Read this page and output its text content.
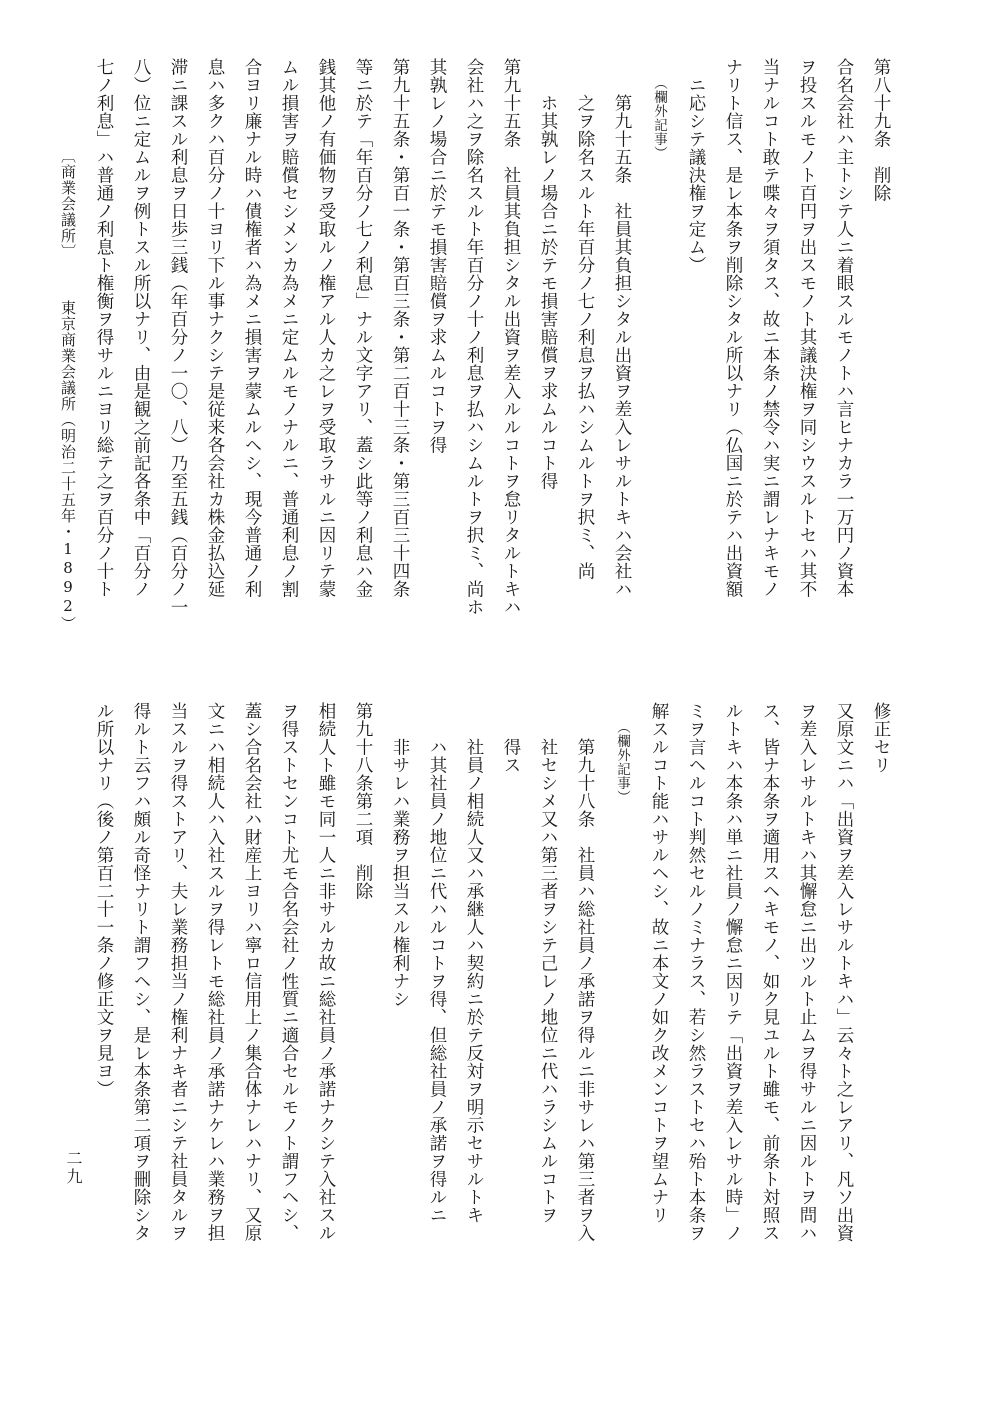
第八十九条　削除
合名会社ハ主トシテ人ニ着眼スルモノトハ言ヒナカラ一万円ノ資本
ヲ投スルモノト百円ヲ出スモノト其議決権ヲ同シウスルトセハ其不
当ナルコト敢テ喋々ヲ須タス、故ニ本条ノ禁令ハ実ニ謂レナキモノ
ナリト信ス、是レ本条ヲ削除シタル所以ナリ（仏国ニ於テハ出資額
ニ応シテ議決権ヲ定ム）
（欄外記事）
第九十五条　社員其負担シタル出資ヲ差入レサルトキハ会社ハ
之ヲ除名スルト年百分ノ七ノ利息ヲ払ハシムルトヲ択ミ、尚
ホ其孰レノ場合ニ於テモ損害賠償ヲ求ムルコト得
第九十五条　社員其負担シタル出資ヲ差入ルルコトヲ怠リタルトキハ
会社ハ之ヲ除名スルト年百分ノ十ノ利息ヲ払ハシムルトヲ択ミ、尚ホ
其孰レノ場合ニ於テモ損害賠償ヲ求ムルコトヲ得
第九十五条・第百一条・第百三条・第二百十三条・第三百三十四条
等ニ於テ「年百分ノ七ノ利息」ナル文字アリ、蓋シ此等ノ利息ハ金
銭其他ノ有価物ヲ受取ルノ権アル人カ之レヲ受取ラサルニ因リテ蒙
ムル損害ヲ賠償セシメンカ為メニ定ムルモノナルニ、普通利息ノ割
合ヨリ廉ナル時ハ債権者ハ為メニ損害ヲ蒙ムルヘシ、現今普通ノ利
息ハ多クハ百分ノ十ヨリ下ル事ナクシテ是従来各会社カ株金払込延
滞ニ課スル利息ヲ日歩三銭（年百分ノ一〇、八）乃至五銭（百分ノ一
八）位ニ定ムルヲ例トスル所以ナリ、由是観之前記各条中「百分ノ
七ノ利息」ハ普通ノ利息ト権衡ヲ得サルニヨリ総テ之ヲ百分ノ十ト
修正セリ
又原文ニハ「出資ヲ差入レサルトキハ」云々ト之レアリ、凡ソ出資
ヲ差入レサルトキハ其懈怠ニ出ツルト止ムヲ得サルニ因ルトヲ問ハ
ス、皆ナ本条ヲ適用スヘキモノ、如ク見ユルト雖モ、前条ト対照ス
ルトキハ本条ハ単ニ社員ノ懈怠ニ因リテ「出資ヲ差入レサル時」ノ
ミヲ言ヘルコト判然セルノミナラス、若シ然ラストセハ殆ト本条ヲ
解スルコト能ハサルヘシ、故ニ本文ノ如ク改メンコトヲ望ムナリ
（欄外記事）
第九十八条　社員ハ総社員ノ承諾ヲ得ルニ非サレハ第三者ヲ入
社セシメ又ハ第三者ヲシテ己レノ地位ニ代ハラシムルコトヲ
得ス
社員ノ相続人又ハ承継人ハ契約ニ於テ反対ヲ明示セサルトキ
ハ其社員ノ地位ニ代ハルコトヲ得、但総社員ノ承諾ヲ得ルニ
非サレハ業務ヲ担当スル権利ナシ
第九十八条第二項　削除
相続人ト雖モ同一人ニ非サルカ故ニ総社員ノ承諾ナクシテ入社スル
ヲ得ストセンコト尤モ合名会社ノ性質ニ適合セルモノト謂フヘシ、
蓋シ合名会社ハ財産上ヨリハ寧ロ信用上ノ集合体ナレハナリ、又原
文ニハ相続人ハ入社スルヲ得レトモ総社員ノ承諾ナケレハ業務ヲ担
当スルヲ得ストアリ、夫レ業務担当ノ権利ナキ者ニシテ社員タルヲ
得ルト云フハ頗ル奇怪ナリト謂フヘシ、是レ本条第二項ヲ刪除シタ
ル所以ナリ（後ノ第百二十一条ノ修正文ヲ見ヨ）
〔商業会議所〕
東京商業会議所（明治二十五年・1892）
二九
